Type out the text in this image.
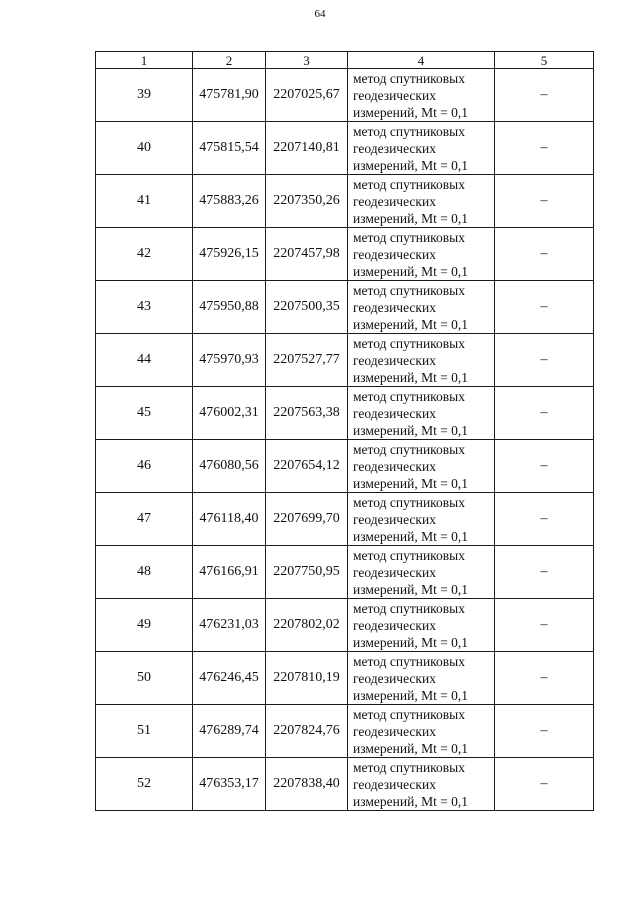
64
1	2	3	4	5
39	475781,90	2207025,67	метод спутниковых
геодезических
измерений, Mt = 0,1	–
40	475815,54	2207140,81	метод спутниковых
геодезических
измерений, Mt = 0,1	–
41	475883,26	2207350,26	метод спутниковых
геодезических
измерений, Mt = 0,1	–
42	475926,15	2207457,98	метод спутниковых
геодезических
измерений, Mt = 0,1	–
43	475950,88	2207500,35	метод спутниковых
геодезических
измерений, Mt = 0,1	–
44	475970,93	2207527,77	метод спутниковых
геодезических
измерений, Mt = 0,1	–
45	476002,31	2207563,38	метод спутниковых
геодезических
измерений, Mt = 0,1	–
46	476080,56	2207654,12	метод спутниковых
геодезических
измерений, Mt = 0,1	–
47	476118,40	2207699,70	метод спутниковых
геодезических
измерений, Mt = 0,1	–
48	476166,91	2207750,95	метод спутниковых
геодезических
измерений, Mt = 0,1	–
49	476231,03	2207802,02	метод спутниковых
геодезических
измерений, Mt = 0,1	–
50	476246,45	2207810,19	метод спутниковых
геодезических
измерений, Mt = 0,1	–
51	476289,74	2207824,76	метод спутниковых
геодезических
измерений, Mt = 0,1	–
52	476353,17	2207838,40	метод спутниковых
геодезических
измерений, Mt = 0,1	–
